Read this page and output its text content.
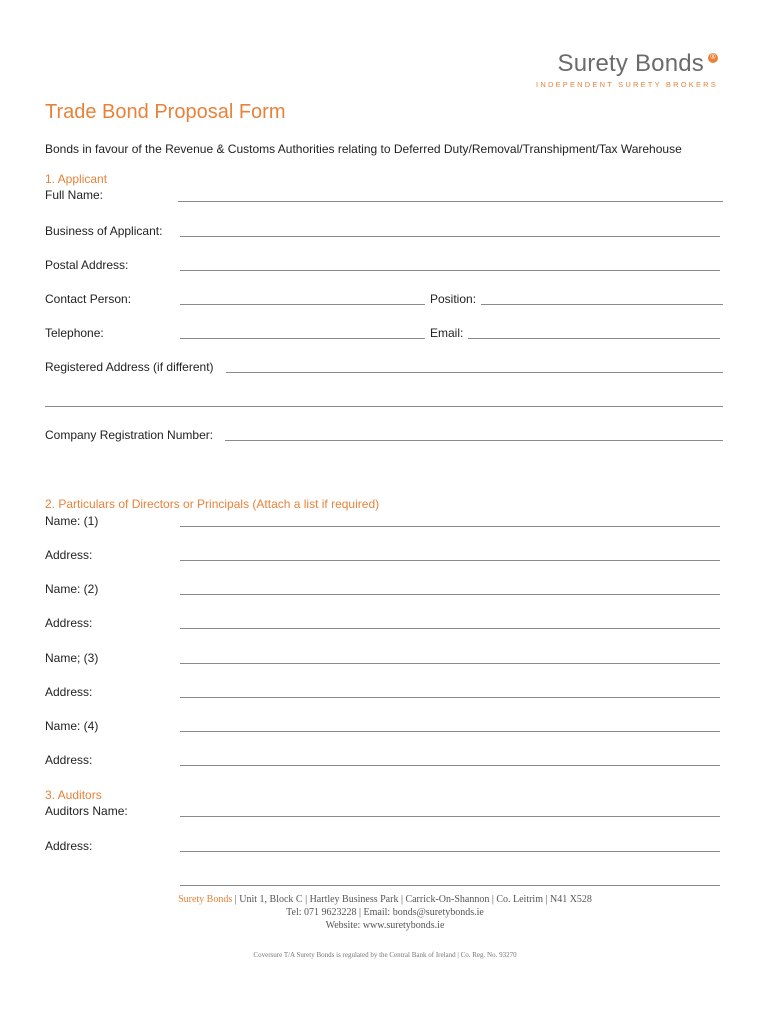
Surety Bonds ®
INDEPENDENT SURETY BROKERS
Trade Bond Proposal Form
Bonds in favour of the Revenue & Customs Authorities relating to Deferred Duty/Removal/Transhipment/Tax Warehouse
1. Applicant
Full Name:
Business of Applicant:
Postal Address:
Contact Person:	Position:
Telephone:	Email:
Registered Address (if different)
Company Registration Number:
2. Particulars of Directors or Principals (Attach a list if required)
Name: (1)
Address:
Name: (2)
Address:
Name; (3)
Address:
Name: (4)
Address:
3. Auditors
Auditors Name:
Address:
Surety Bonds | Unit 1, Block C | Hartley Business Park | Carrick-On-Shannon | Co. Leitrim | N41 X528
Tel: 071 9623228 | Email: bonds@suretybonds.ie
Website: www.suretybonds.ie
Coversure T/A Surety Bonds is regulated by the Central Bank of Ireland | Co. Reg. No. 93270
